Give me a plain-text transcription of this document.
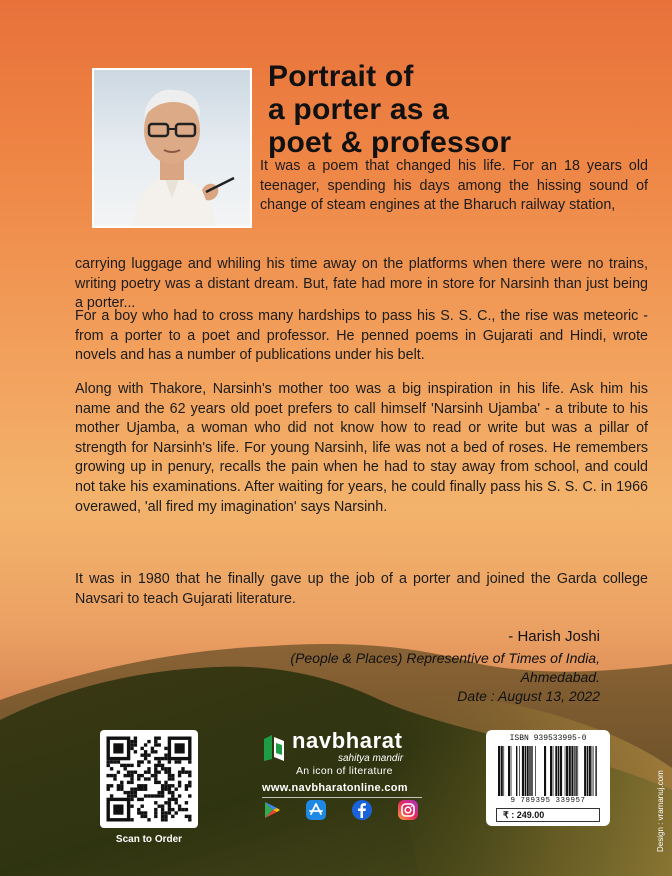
Portrait of
a porter as a
poet & professor
It was a poem that changed his life. For an 18 years old teenager, spending his days among the hissing sound of change of steam engines at the Bharuch railway station,
carrying luggage and whiling his time away on the platforms when there were no trains, writing poetry was a distant dream. But, fate had more in store for Narsinh than just being a porter...
For a boy who had to cross many hardships to pass his S. S. C., the rise was meteoric - from a porter to a poet and professor. He penned poems in Gujarati and Hindi, wrote novels and has a number of publications under his belt.
Along with Thakore, Narsinh's mother too was a big inspiration in his life. Ask him his name and the 62 years old poet prefers to call himself 'Narsinh Ujamba' - a tribute to his mother Ujamba, a woman who did not know how to read or write but was a pillar of strength for Narsinh's life. For young Narsinh, life was not a bed of roses. He remembers growing up in penury, recalls the pain when he had to stay away from school, and could not take his examinations. After waiting for years, he could finally pass his S. S. C. in 1966 overawed, 'all fired my imagination' says Narsinh.
It was in 1980 that he finally gave up the job of a porter and joined the Garda college Navsari to teach Gujarati literature.
- Harish Joshi
(People & Places) Representive of Times of India,
Ahmedabad.
Date : August 13, 2022
Scan to Order
navbharat
sahitya mandir
An icon of literature
www.navbharatonline.com
ISBN 939533995-0
9 789395 339957
₹ : 249.00	Design : vramanuj.com
